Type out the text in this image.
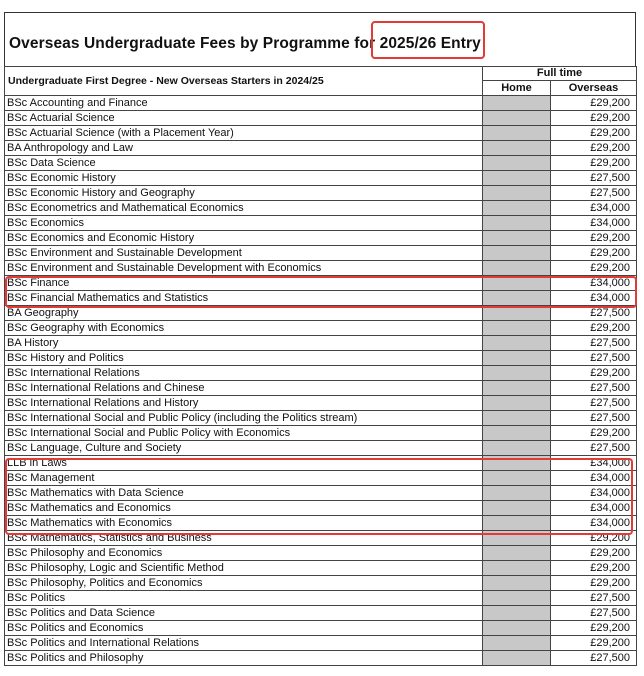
Overseas Undergraduate Fees by Programme for 2025/26 Entry
Undergraduate First Degree - New Overseas Starters in 2024/25	Full time	
	Home	Overseas
BSc Accounting and Finance		£29,200
BSc Actuarial Science		£29,200
BSc Actuarial Science (with a Placement Year)		£29,200
BA Anthropology and Law		£29,200
BSc Data Science		£29,200
BSc Economic History		£27,500
BSc Economic History and Geography		£27,500
BSc Econometrics and Mathematical Economics		£34,000
BSc Economics		£34,000
BSc Economics and Economic History		£29,200
BSc Environment and Sustainable Development		£29,200
BSc Environment and Sustainable Development with Economics		£29,200
BSc Finance		£34,000
BSc Financial Mathematics and Statistics		£34,000
BA Geography		£27,500
BSc Geography with Economics		£29,200
BA History		£27,500
BSc History and Politics		£27,500
BSc International Relations		£29,200
BSc International Relations and Chinese		£27,500
BSc International Relations and History		£27,500
BSc International Social and Public Policy (including the Politics stream)		£27,500
BSc International Social and Public Policy with Economics		£29,200
BSc Language, Culture and Society		£27,500
LLB in Laws		£34,000
BSc Management		£34,000
BSc Mathematics with Data Science		£34,000
BSc Mathematics and Economics		£34,000
BSc Mathematics with Economics		£34,000
BSc Mathematics, Statistics and Business		£29,200
BSc Philosophy and Economics		£29,200
BSc Philosophy, Logic and Scientific Method		£29,200
BSc Philosophy, Politics and Economics		£29,200
BSc Politics		£27,500
BSc Politics and Data Science		£27,500
BSc Politics and Economics		£29,200
BSc Politics and International Relations		£29,200
BSc Politics and Philosophy		£27,500
